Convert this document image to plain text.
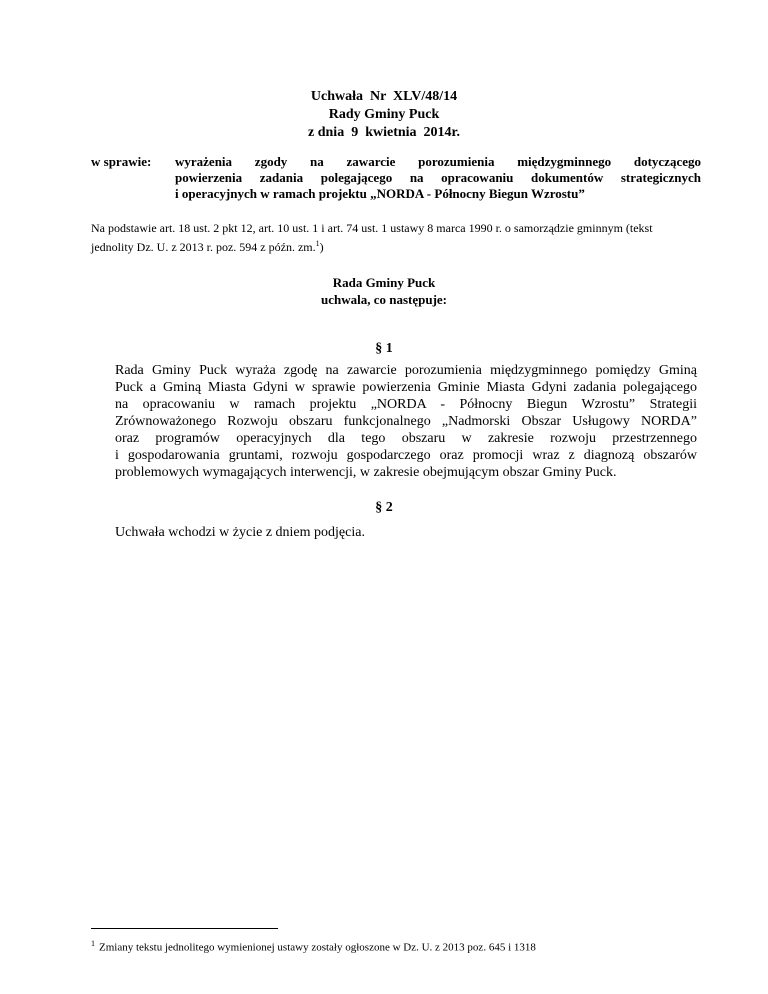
Uchwała  Nr  XLV/48/14
Rady Gminy Puck
z dnia  9  kwietnia  2014r.
w sprawie: wyrażenia zgody na zawarcie porozumienia międzygminnego dotyczącego
powierzenia zadania polegającego na opracowaniu dokumentów strategicznych
i operacyjnych w ramach projektu „NORDA - Północny Biegun Wzrostu”
Na podstawie art. 18 ust. 2 pkt 12, art. 10 ust. 1 i art. 74 ust. 1 ustawy 8 marca 1990 r. o samorządzie gminnym (tekst
jednolity Dz. U. z 2013 r. poz. 594 z późn. zm.$^1$)
Rada Gminy Puck
uchwala, co następuje:
§ 1
Rada Gminy Puck wyraża zgodę na zawarcie porozumienia międzygminnego pomiędzy Gminą
Puck a Gminą Miasta Gdyni w sprawie powierzenia Gminie Miasta Gdyni zadania polegającego
na opracowaniu w ramach projektu „NORDA - Północny Biegun Wzrostu” Strategii
Zrównoważonego Rozwoju obszaru funkcjonalnego „Nadmorski Obszar Usługowy NORDA”
oraz programów operacyjnych dla tego obszaru w zakresie rozwoju przestrzennego
i gospodarowania gruntami, rozwoju gospodarczego oraz promocji wraz z diagnozą obszarów
problemowych wymagających interwencji, w zakresie obejmującym obszar Gminy Puck.
§ 2
Uchwała wchodzi w życie z dniem podjęcia.
$^1$ Zmiany tekstu jednolitego wymienionej ustawy zostały ogłoszone w Dz. U. z 2013 poz. 645 i 1318
